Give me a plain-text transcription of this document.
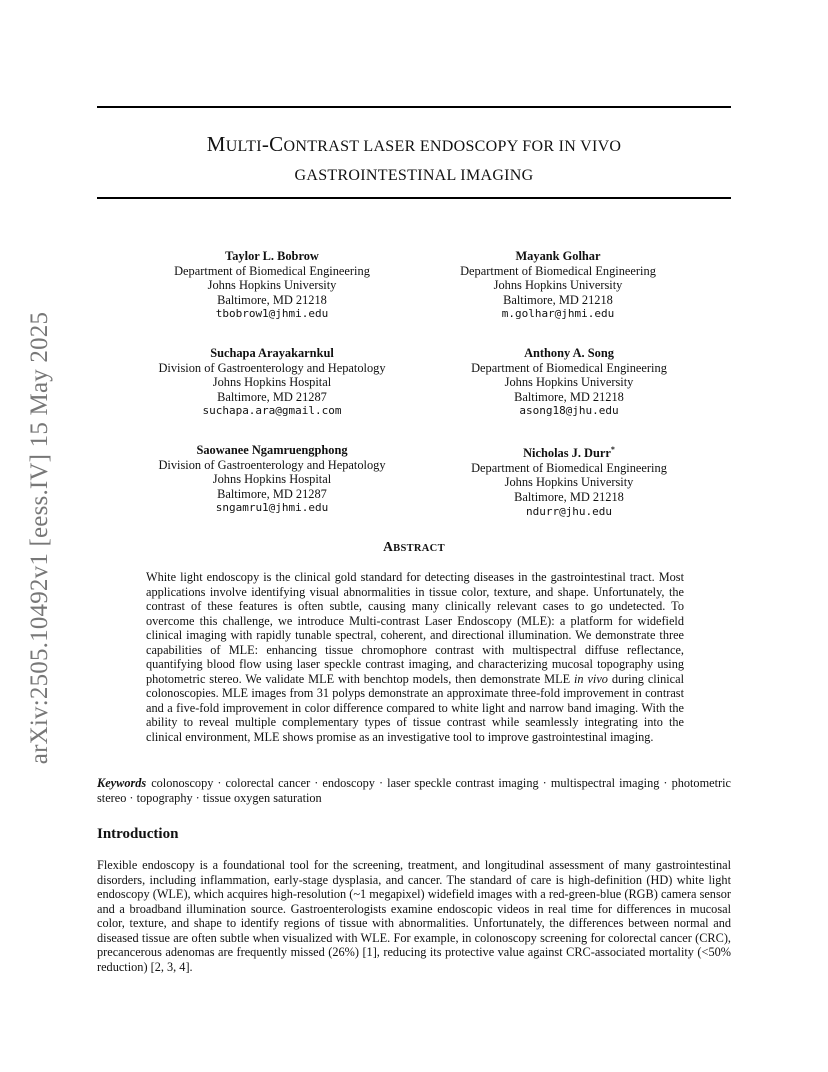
MULTI-CONTRAST LASER ENDOSCOPY FOR IN VIVO
GASTROINTESTINAL IMAGING
arXiv:2505.10492v1 [eess.IV] 15 May 2025
Taylor L. Bobrow
Department of Biomedical Engineering
Johns Hopkins University
Baltimore, MD 21218
tbobrow1@jhmi.edu
Mayank Golhar
Department of Biomedical Engineering
Johns Hopkins University
Baltimore, MD 21218
m.golhar@jhmi.edu
Suchapa Arayakarnkul
Division of Gastroenterology and Hepatology
Johns Hopkins Hospital
Baltimore, MD 21287
suchapa.ara@gmail.com
Anthony A. Song
Department of Biomedical Engineering
Johns Hopkins University
Baltimore, MD 21218
asong18@jhu.edu
Saowanee Ngamruengphong
Division of Gastroenterology and Hepatology
Johns Hopkins Hospital
Baltimore, MD 21287
sngamru1@jhmi.edu
Nicholas J. Durr*
Department of Biomedical Engineering
Johns Hopkins University
Baltimore, MD 21218
ndurr@jhu.edu
ABSTRACT
White light endoscopy is the clinical gold standard for detecting diseases in the gastrointestinal tract. Most applications involve identifying visual abnormalities in tissue color, texture, and shape. Unfortunately, the contrast of these features is often subtle, causing many clinically relevant cases to go undetected. To overcome this challenge, we introduce Multi-contrast Laser Endoscopy (MLE): a platform for widefield clinical imaging with rapidly tunable spectral, coherent, and directional illumination. We demonstrate three capabilities of MLE: enhancing tissue chromophore contrast with multispectral diffuse reflectance, quantifying blood flow using laser speckle contrast imaging, and characterizing mucosal topography using photometric stereo. We validate MLE with benchtop models, then demonstrate MLE in vivo during clinical colonoscopies. MLE images from 31 polyps demonstrate an approximate three-fold improvement in contrast and a five-fold improvement in color difference compared to white light and narrow band imaging. With the ability to reveal multiple complementary types of tissue contrast while seamlessly integrating into the clinical environment, MLE shows promise as an investigative tool to improve gastrointestinal imaging.
Keywords colonoscopy · colorectal cancer · endoscopy · laser speckle contrast imaging · multispectral imaging · photometric stereo · topography · tissue oxygen saturation
Introduction
Flexible endoscopy is a foundational tool for the screening, treatment, and longitudinal assessment of many gastrointestinal disorders, including inflammation, early-stage dysplasia, and cancer. The standard of care is high-definition (HD) white light endoscopy (WLE), which acquires high-resolution (~1 megapixel) widefield images with a red-green-blue (RGB) camera sensor and a broadband illumination source. Gastroenterologists examine endoscopic videos in real time for differences in mucosal color, texture, and shape to identify regions of tissue with abnormalities. Unfortunately, the differences between normal and diseased tissue are often subtle when visualized with WLE. For example, in colonoscopy screening for colorectal cancer (CRC), precancerous adenomas are frequently missed (26%) [1], reducing its protective value against CRC-associated mortality (<50% reduction) [2, 3, 4].
